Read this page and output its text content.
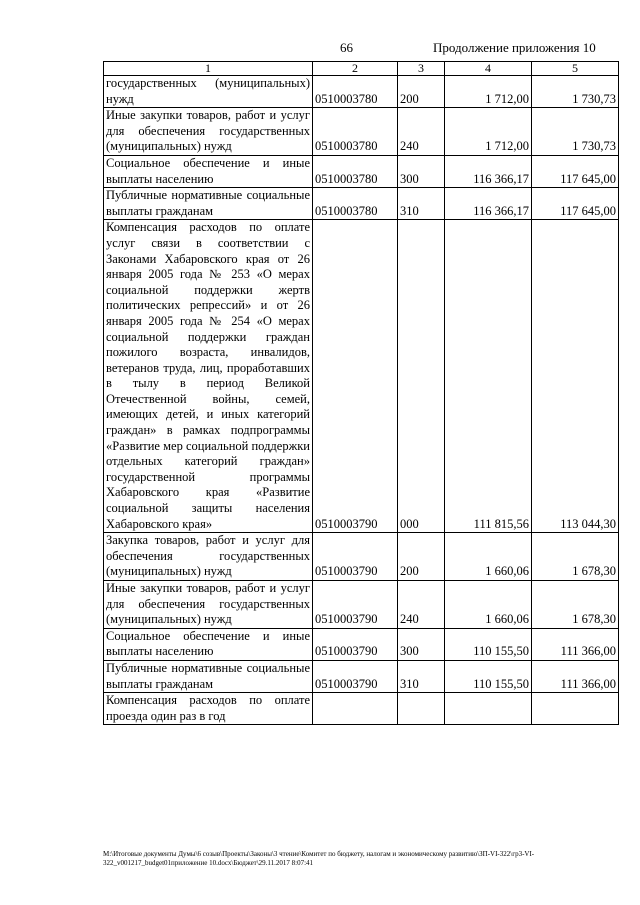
66	Продолжение приложения 10
1	2	3	4	5
государственных (муниципальных) нужд	0510003780	200	1 712,00	1 730,73
Иные закупки товаров, работ и услуг для обеспечения государственных (муниципальных) нужд	0510003780	240	1 712,00	1 730,73
Социальное обеспечение и иные выплаты населению	0510003780	300	116 366,17	117 645,00
Публичные нормативные социальные выплаты гражданам	0510003780	310	116 366,17	117 645,00
Компенсация расходов по оплате услуг связи в соответствии с Законами Хабаровского края от 26 января 2005 года № 253 «О мерах социальной поддержки жертв политических репрессий» и от 26 января 2005 года № 254 «О мерах социальной поддержки граждан пожилого возраста, инвалидов, ветеранов труда, лиц, проработавших в тылу в период Великой Отечественной войны, семей, имеющих детей, и иных категорий граждан» в рамках подпрограммы «Развитие мер социальной поддержки отдельных категорий граждан» государственной программы Хабаровского края «Развитие социальной защиты населения Хабаровского края»	0510003790	000	111 815,56	113 044,30
Закупка товаров, работ и услуг для обеспечения государственных (муниципальных) нужд	0510003790	200	1 660,06	1 678,30
Иные закупки товаров, работ и услуг для обеспечения государственных (муниципальных) нужд	0510003790	240	1 660,06	1 678,30
Социальное обеспечение и иные выплаты населению	0510003790	300	110 155,50	111 366,00
Публичные нормативные социальные выплаты гражданам	0510003790	310	110 155,50	111 366,00
Компенсация расходов по оплате проезда один раз в год				
M:\Итоговые документы Думы\6 созыв\Проекты\Законы\3 чтение\Комитет по бюджету, налогам и экономическому развитию\ЗП-VI-322\гр3-VI-322_v001217_budget01приложение 10.docx\Бюджет\29.11.2017 8:07:41
